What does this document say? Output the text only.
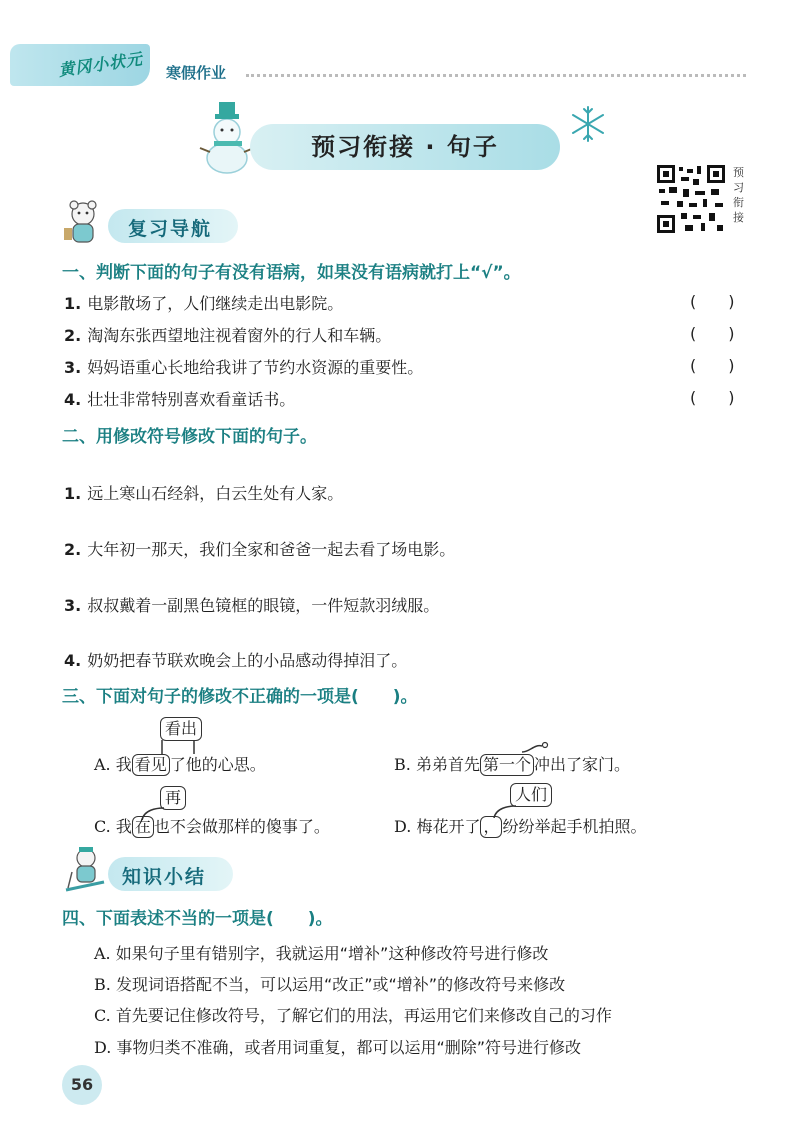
黄冈小状元 寒假作业
预习衔接 · 句子
预习衔接
复习导航
一、判断下面的句子有没有语病，如果没有语病就打上“√”。
1. 电影散场了，人们继续走出电影院。	(　　)
2. 淘淘东张西望地注视着窗外的行人和车辆。	(　　)
3. 妈妈语重心长地给我讲了节约水资源的重要性。	(　　)
4. 壮壮非常特别喜欢看童话书。	(　　)
二、用修改符号修改下面的句子。
1. 远上寒山石经斜，白云生处有人家。
2. 大年初一那天，我们全家和爸爸一起去看了场电影。
3. 叔叔戴着一副黑色镜框的眼镜，一件短款羽绒服。
4. 奶奶把春节联欢晚会上的小品感动得掉泪了。
三、下面对句子的修改不正确的一项是(　　)。
看出
A. 我 看见 了他的心思。	B. 弟弟首先 第一个 冲出了家门。
再
C. 我 在 也不会做那样的傻事了。
人们
D. 梅花开了 ， 纷纷举起手机拍照。
知识小结
四、下面表述不当的一项是(　　)。
A. 如果句子里有错别字，我就运用“增补”这种修改符号进行修改
B. 发现词语搭配不当，可以运用“改正”或“增补”的修改符号来修改
C. 首先要记住修改符号，了解它们的用法，再运用它们来修改自己的习作
D. 事物归类不准确，或者用词重复，都可以运用“删除”符号进行修改
56
